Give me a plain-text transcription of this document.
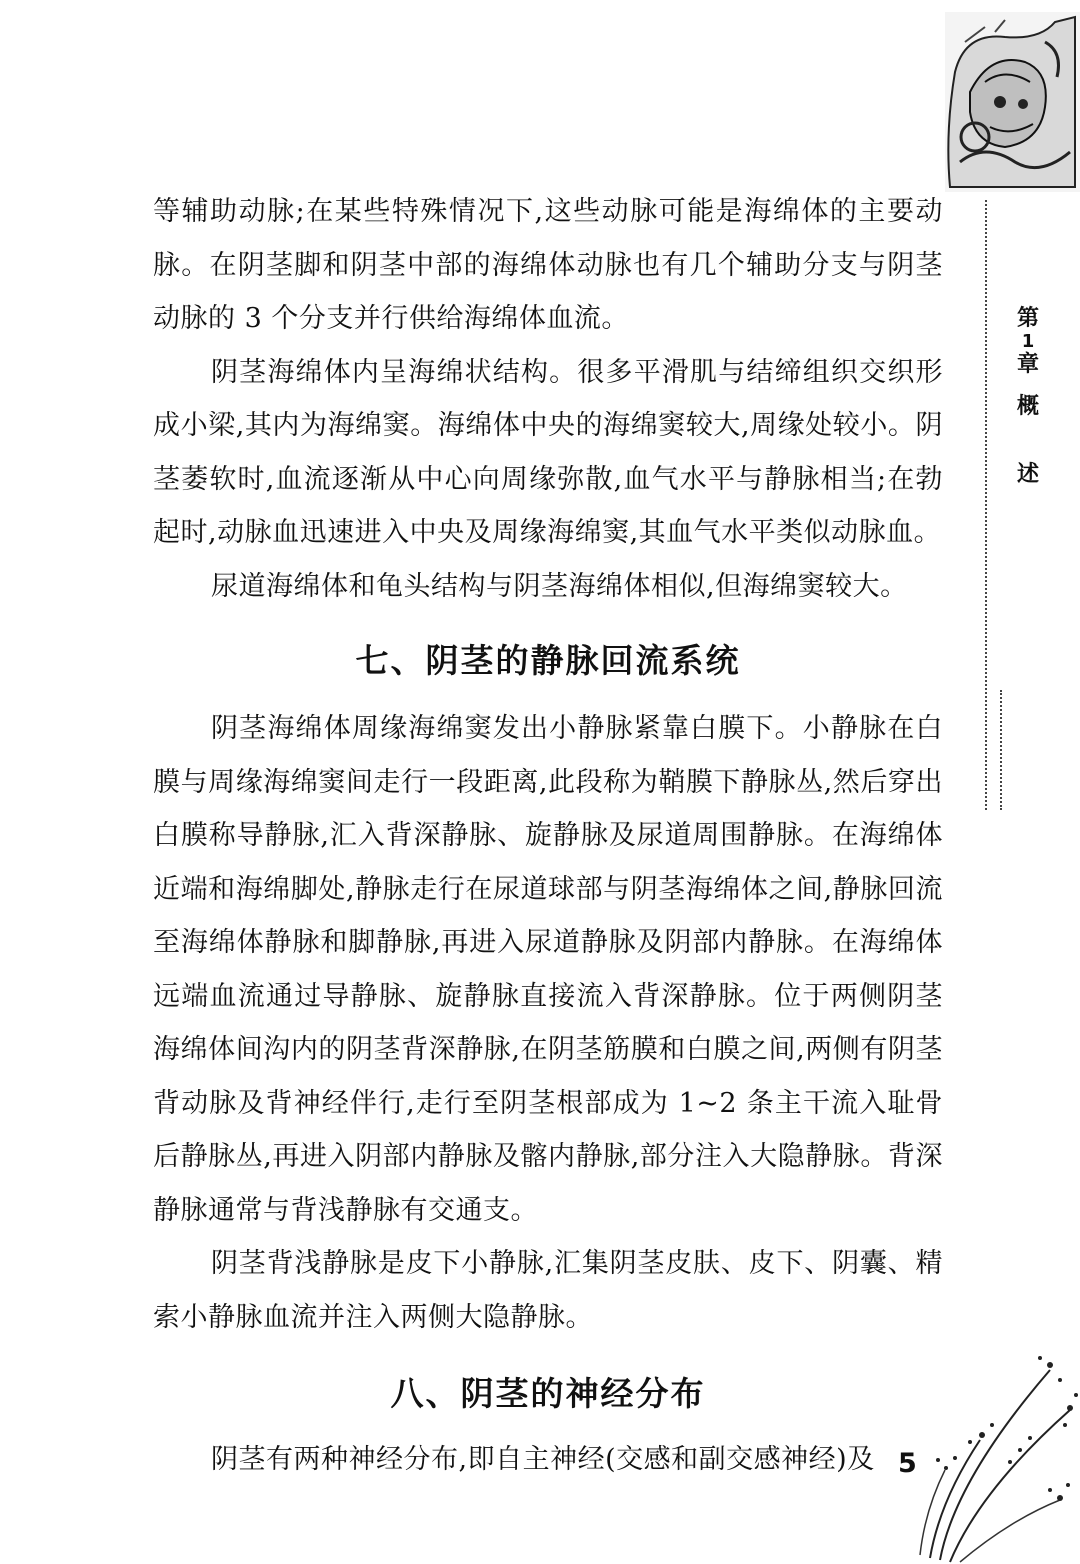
第
1
章
概
述

等辅助动脉;在某些特殊情况下,这些动脉可能是海绵体的主要动脉。在阴茎脚和阴茎中部的海绵体动脉也有几个辅助分支与阴茎动脉的 3 个分支并行供给海绵体血流。

阴茎海绵体内呈海绵状结构。很多平滑肌与结缔组织交织形成小梁,其内为海绵窦。海绵体中央的海绵窦较大,周缘处较小。阴茎萎软时,血流逐渐从中心向周缘弥散,血气水平与静脉相当;在勃起时,动脉血迅速进入中央及周缘海绵窦,其血气水平类似动脉血。

尿道海绵体和龟头结构与阴茎海绵体相似,但海绵窦较大。

七、阴茎的静脉回流系统

阴茎海绵体周缘海绵窦发出小静脉紧靠白膜下。小静脉在白膜与周缘海绵窦间走行一段距离,此段称为鞘膜下静脉丛,然后穿出白膜称导静脉,汇入背深静脉、旋静脉及尿道周围静脉。在海绵体近端和海绵脚处,静脉走行在尿道球部与阴茎海绵体之间,静脉回流至海绵体静脉和脚静脉,再进入尿道静脉及阴部内静脉。在海绵体远端血流通过导静脉、旋静脉直接流入背深静脉。位于两侧阴茎海绵体间沟内的阴茎背深静脉,在阴茎筋膜和白膜之间,两侧有阴茎背动脉及背神经伴行,走行至阴茎根部成为 1~2 条主干流入耻骨后静脉丛,再进入阴部内静脉及髂内静脉,部分注入大隐静脉。背深静脉通常与背浅静脉有交通支。

阴茎背浅静脉是皮下小静脉,汇集阴茎皮肤、皮下、阴囊、精索小静脉血流并注入两侧大隐静脉。

八、阴茎的神经分布

阴茎有两种神经分布,即自主神经(交感和副交感神经)及 5
